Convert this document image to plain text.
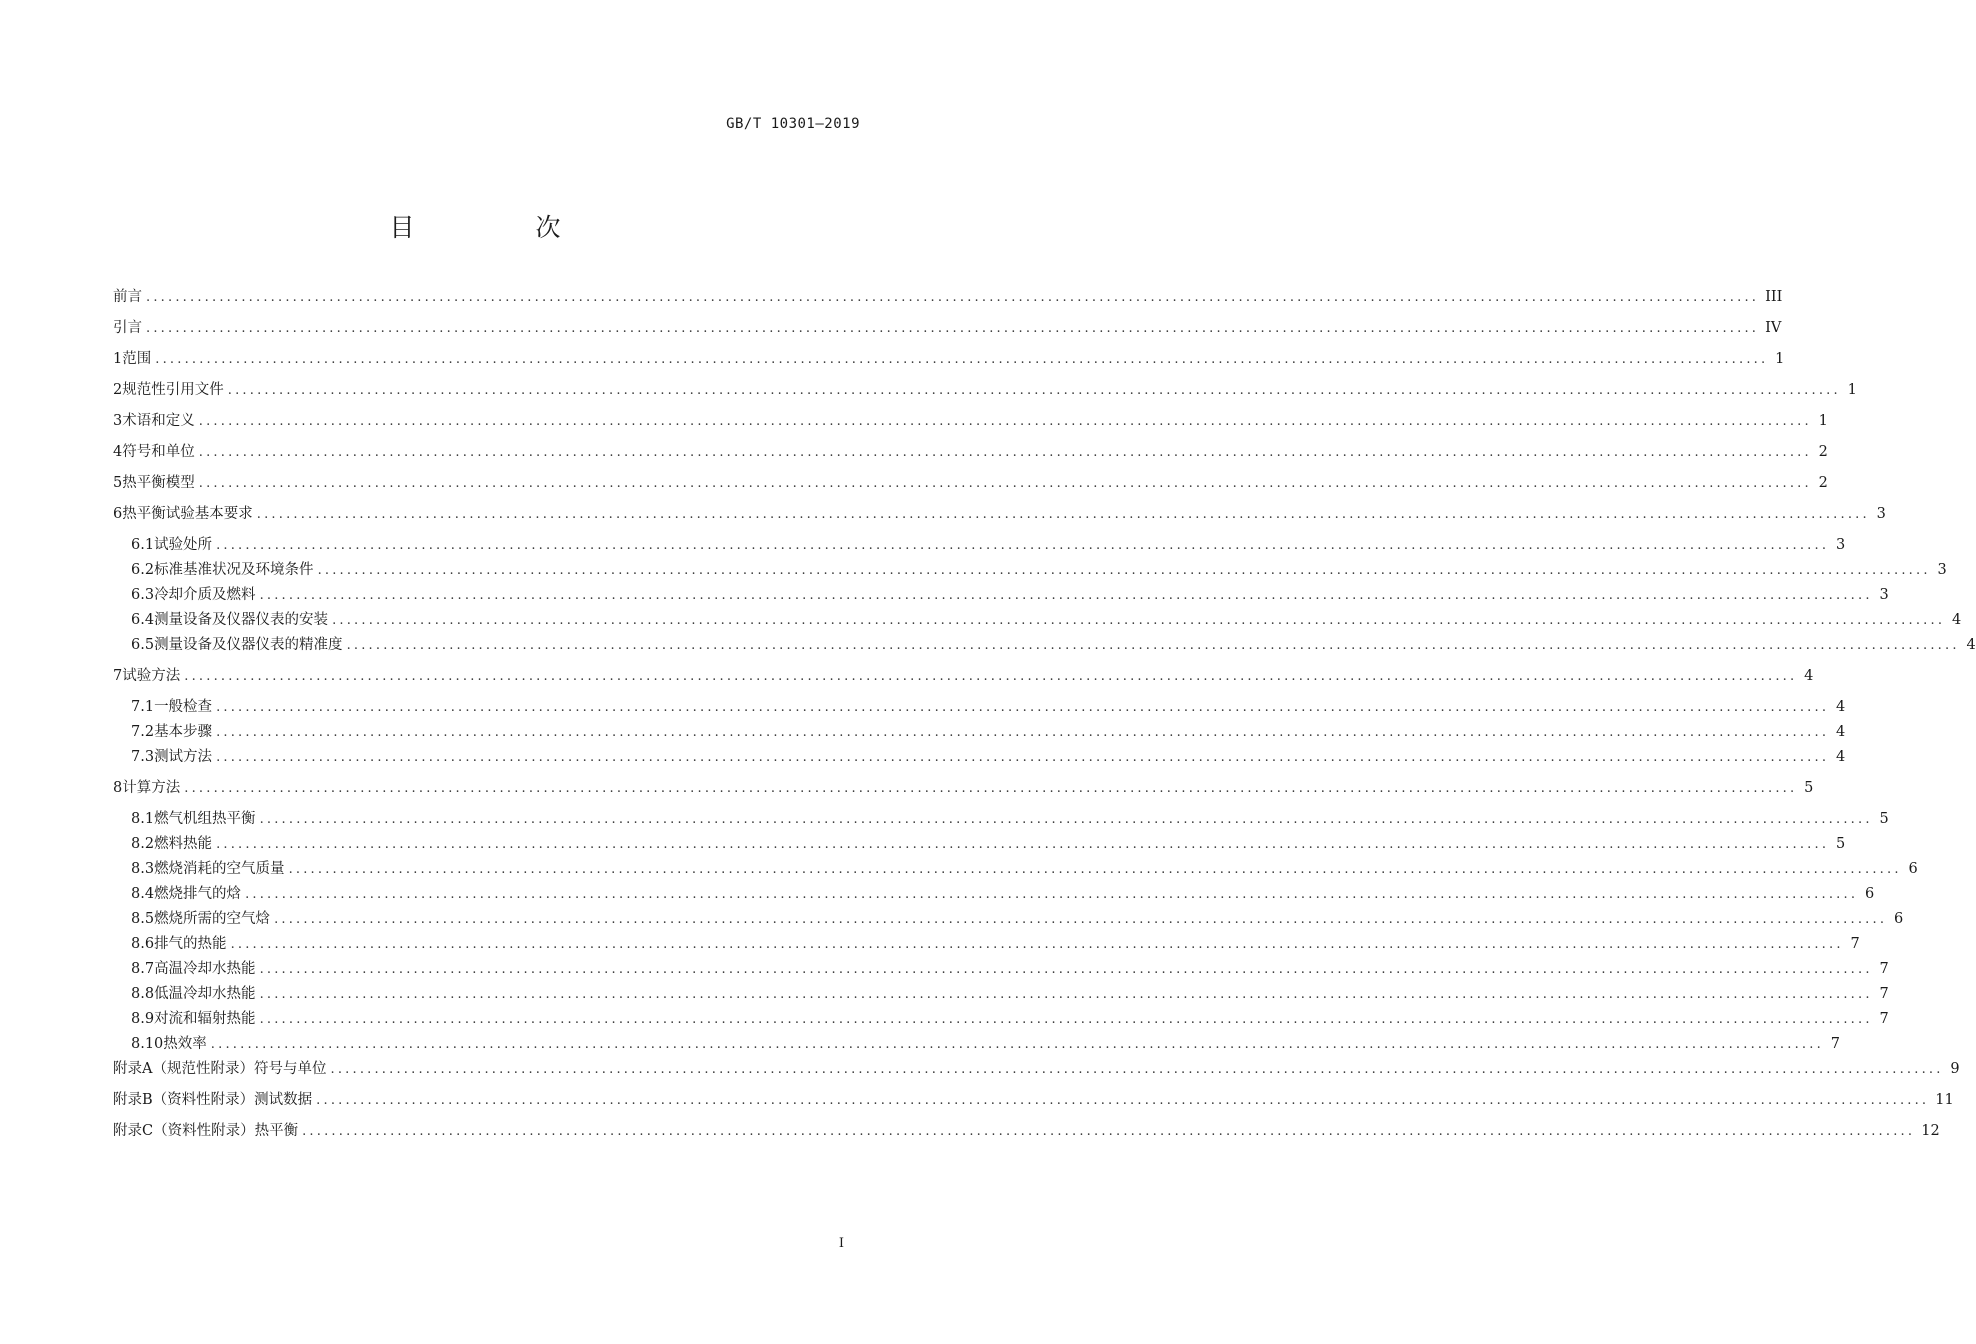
GB/T 10301—2019
目　次
前言 ............................................................................................................................................................................................................................ III
引言 ............................................................................................................................................................................................................................ IV
1 范围 ............................................................................................................................................................................................................................ 1
2 规范性引用文件 ............................................................................................................................................................................................................................ 1
3 术语和定义 ............................................................................................................................................................................................................................ 1
4 符号和单位 ............................................................................................................................................................................................................................ 2
5 热平衡模型 ............................................................................................................................................................................................................................ 2
6 热平衡试验基本要求 ............................................................................................................................................................................................................................ 3
6.1 试验处所 ............................................................................................................................................................................................................................ 3
6.2 标准基准状况及环境条件 ............................................................................................................................................................................................................................ 3
6.3 冷却介质及燃料 ............................................................................................................................................................................................................................ 3
6.4 测量设备及仪器仪表的安装 ............................................................................................................................................................................................................................ 4
6.5 测量设备及仪器仪表的精准度 ............................................................................................................................................................................................................................ 4
7 试验方法 ............................................................................................................................................................................................................................ 4
7.1 一般检查 ............................................................................................................................................................................................................................ 4
7.2 基本步骤 ............................................................................................................................................................................................................................ 4
7.3 测试方法 ............................................................................................................................................................................................................................ 4
8 计算方法 ............................................................................................................................................................................................................................ 5
8.1 燃气机组热平衡 ............................................................................................................................................................................................................................ 5
8.2 燃料热能 ............................................................................................................................................................................................................................ 5
8.3 燃烧消耗的空气质量 ............................................................................................................................................................................................................................ 6
8.4 燃烧排气的焓 ............................................................................................................................................................................................................................ 6
8.5 燃烧所需的空气焓 ............................................................................................................................................................................................................................ 6
8.6 排气的热能 ............................................................................................................................................................................................................................ 7
8.7 高温冷却水热能 ............................................................................................................................................................................................................................ 7
8.8 低温冷却水热能 ............................................................................................................................................................................................................................ 7
8.9 对流和辐射热能 ............................................................................................................................................................................................................................ 7
8.10 热效率 ............................................................................................................................................................................................................................ 7
附录A（规范性附录） 符号与单位 ............................................................................................................................................................................................................................ 9
附录B（资料性附录） 测试数据 ............................................................................................................................................................................................................................ 11
附录C（资料性附录） 热平衡 ............................................................................................................................................................................................................................ 12
I
